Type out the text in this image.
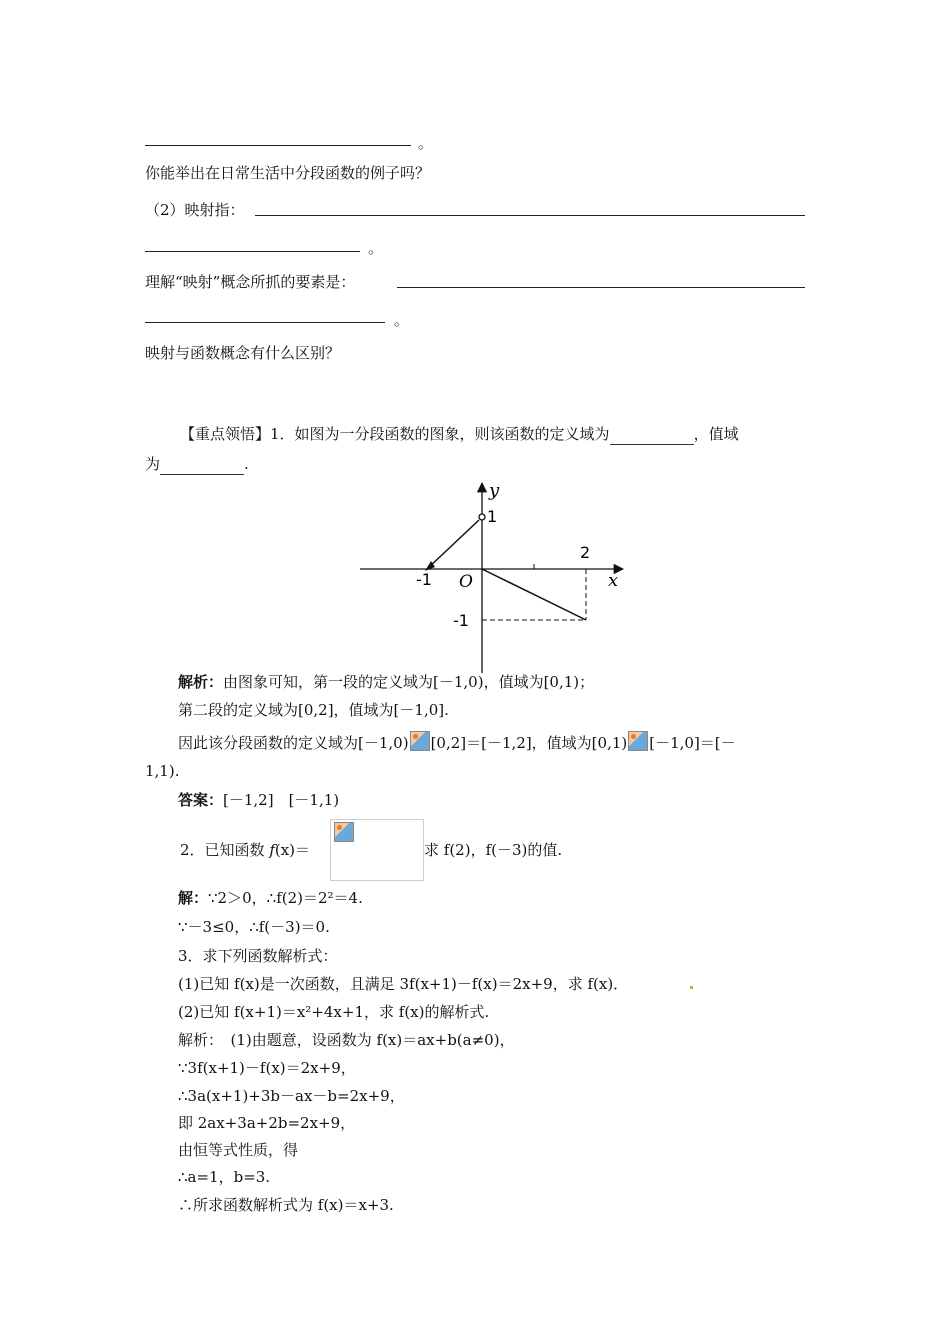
。
你能举出在日常生活中分段函数的例子吗？
（2）映射指：
。
理解“映射”概念所抓的要素是：
。
映射与函数概念有什么区别？
【重点领悟】1．如图为一分段函数的图象，则该函数的定义域为	，值域
为	.
y
x
O
1
-1
2
-1
解析：由图象可知，第一段的定义域为[－1,0)，值域为[0,1)；
第二段的定义域为[0,2]，值域为[－1,0].
因此该分段函数的定义域为[－1,0) [0,2]＝[－1,2]，值域为[0,1) [－1,0]＝[－
1,1).
答案：[－1,2]　[－1,1)
2．已知函数 f(x)＝	求 f(2)，f(－3)的值.
解：∵2＞0，∴f(2)＝2²＝4.
∵－3≤0，∴f(－3)＝0.
3．求下列函数解析式：
(1)已知 f(x)是一次函数，且满足 3f(x+1)－f(x)＝2x+9，求 f(x)．
(2)已知 f(x+1)＝x²+4x+1，求 f(x)的解析式.
解析：　(1)由题意，设函数为 f(x)＝ax+b(a≠0)，
∵3f(x+1)－f(x)＝2x+9，
∴3a(x+1)+3b－ax－b=2x+9，
即 2ax+3a+2b=2x+9，
由恒等式性质，得
∴a=1，b=3.
∴所求函数解析式为 f(x)＝x+3.
